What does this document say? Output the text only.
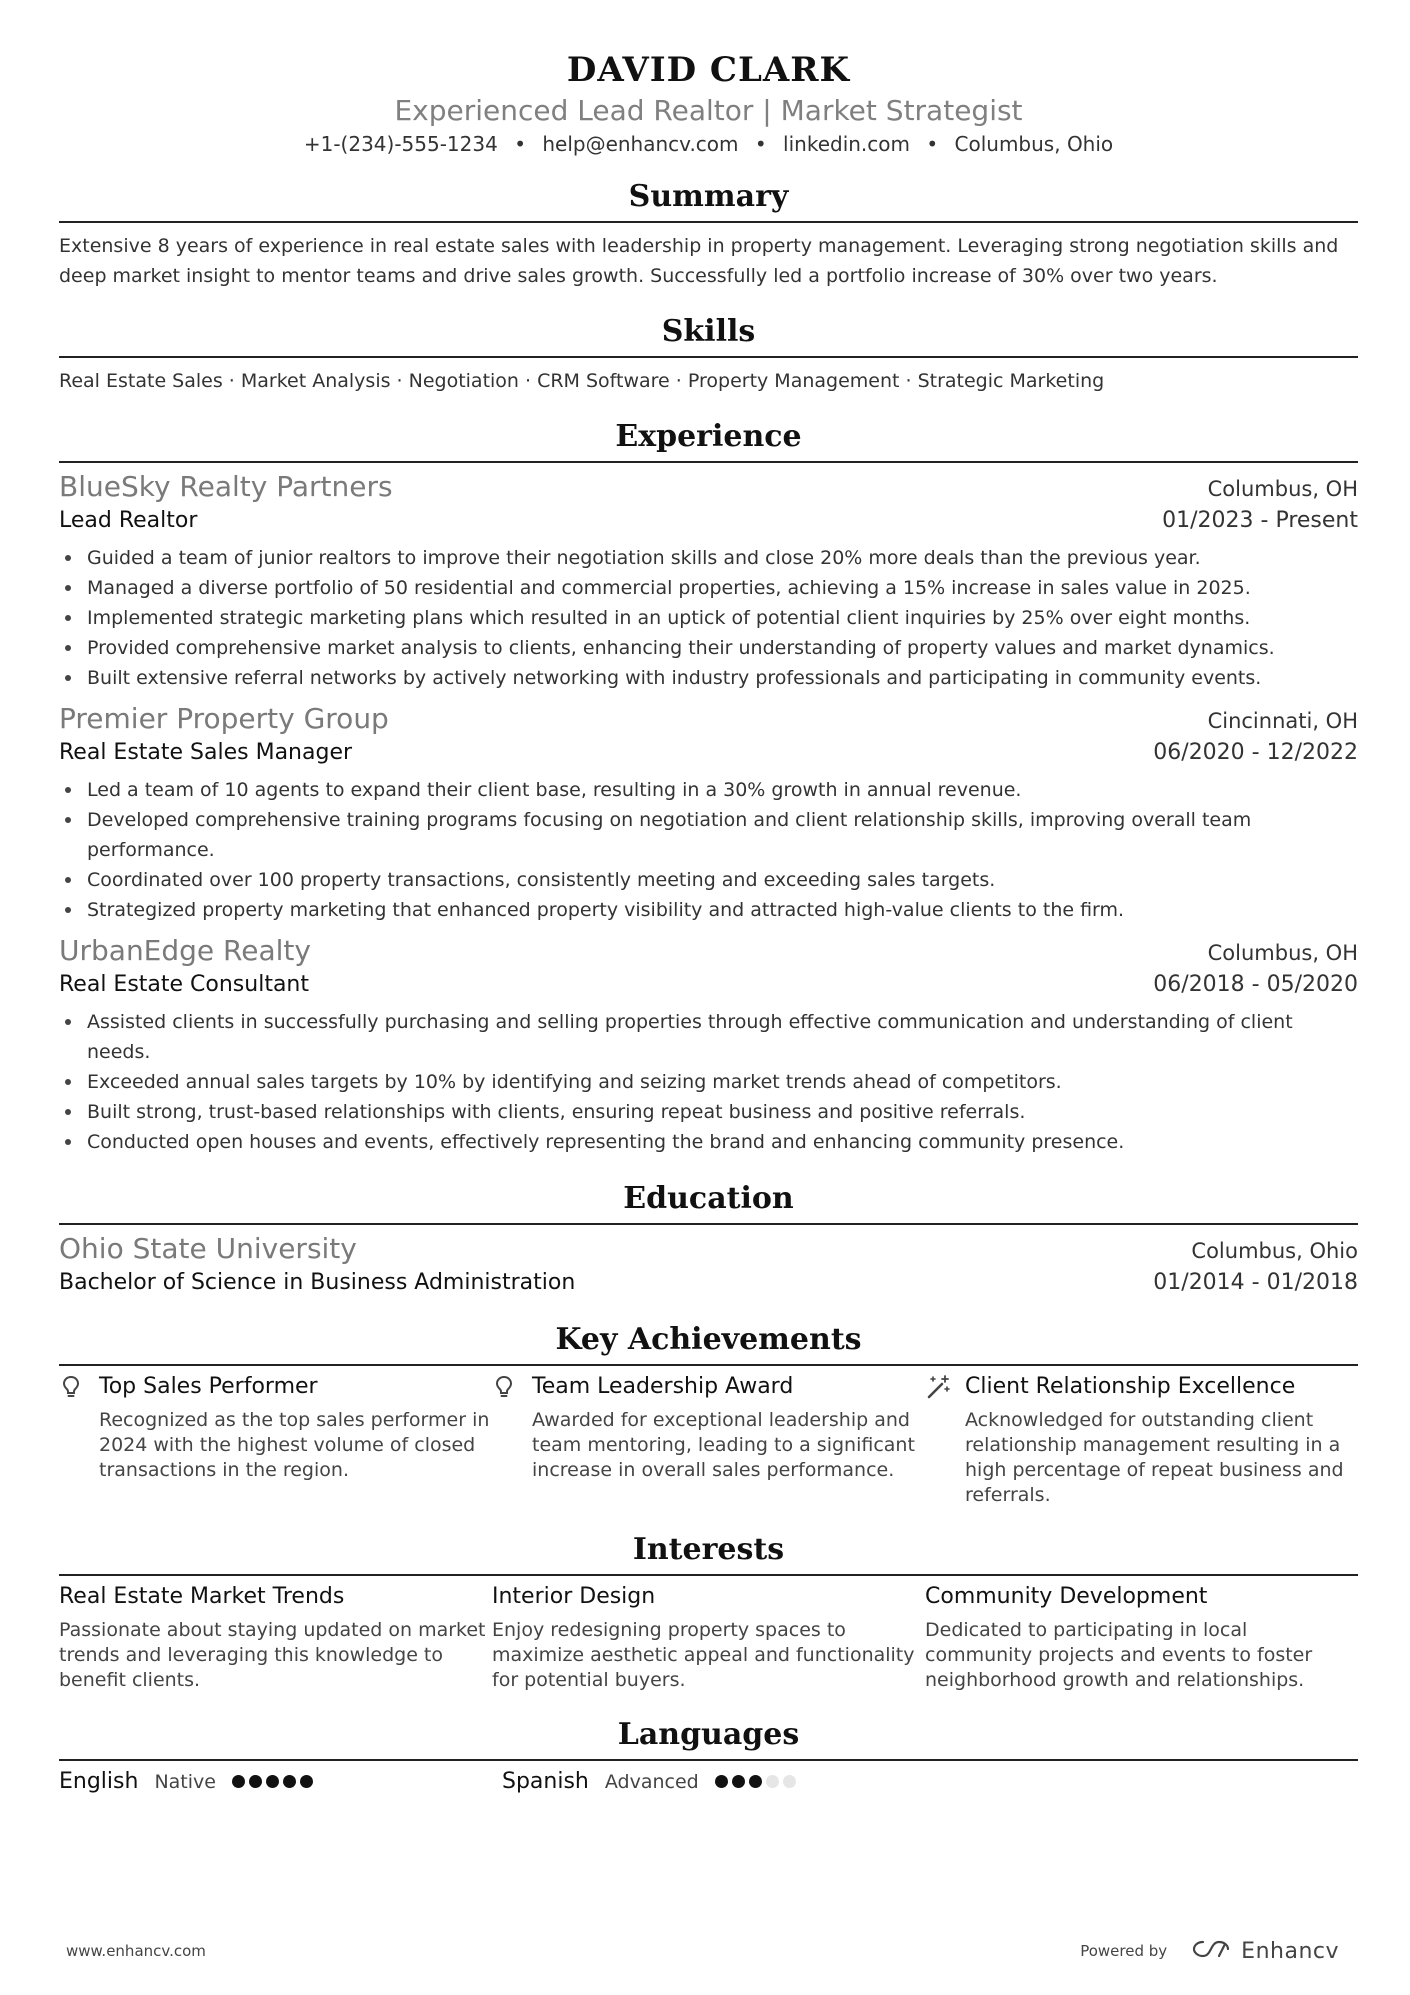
DAVID CLARK
Experienced Lead Realtor | Market Strategist
+1-(234)-555-1234 • help@enhancv.com • linkedin.com • Columbus, Ohio
Summary
Extensive 8 years of experience in real estate sales with leadership in property management. Leveraging strong negotiation skills and deep market insight to mentor teams and drive sales growth. Successfully led a portfolio increase of 30% over two years.
Skills
Real Estate Sales · Market Analysis · Negotiation · CRM Software · Property Management · Strategic Marketing
Experience
BlueSky Realty Partners	Columbus, OH
Lead Realtor	01/2023 - Present
Guided a team of junior realtors to improve their negotiation skills and close 20% more deals than the previous year.
Managed a diverse portfolio of 50 residential and commercial properties, achieving a 15% increase in sales value in 2025.
Implemented strategic marketing plans which resulted in an uptick of potential client inquiries by 25% over eight months.
Provided comprehensive market analysis to clients, enhancing their understanding of property values and market dynamics.
Built extensive referral networks by actively networking with industry professionals and participating in community events.
Premier Property Group	Cincinnati, OH
Real Estate Sales Manager	06/2020 - 12/2022
Led a team of 10 agents to expand their client base, resulting in a 30% growth in annual revenue.
Developed comprehensive training programs focusing on negotiation and client relationship skills, improving overall team performance.
Coordinated over 100 property transactions, consistently meeting and exceeding sales targets.
Strategized property marketing that enhanced property visibility and attracted high-value clients to the firm.
UrbanEdge Realty	Columbus, OH
Real Estate Consultant	06/2018 - 05/2020
Assisted clients in successfully purchasing and selling properties through effective communication and understanding of client needs.
Exceeded annual sales targets by 10% by identifying and seizing market trends ahead of competitors.
Built strong, trust-based relationships with clients, ensuring repeat business and positive referrals.
Conducted open houses and events, effectively representing the brand and enhancing community presence.
Education
Ohio State University	Columbus, Ohio
Bachelor of Science in Business Administration	01/2014 - 01/2018
Key Achievements
Top Sales Performer
Recognized as the top sales performer in 2024 with the highest volume of closed transactions in the region.
Team Leadership Award
Awarded for exceptional leadership and team mentoring, leading to a significant increase in overall sales performance.
Client Relationship Excellence
Acknowledged for outstanding client relationship management resulting in a high percentage of repeat business and referrals.
Interests
Real Estate Market Trends
Passionate about staying updated on market trends and leveraging this knowledge to benefit clients.
Interior Design
Enjoy redesigning property spaces to maximize aesthetic appeal and functionality for potential buyers.
Community Development
Dedicated to participating in local community projects and events to foster neighborhood growth and relationships.
Languages
English Native	Spanish Advanced
www.enhancv.com	Powered by	Enhancv
